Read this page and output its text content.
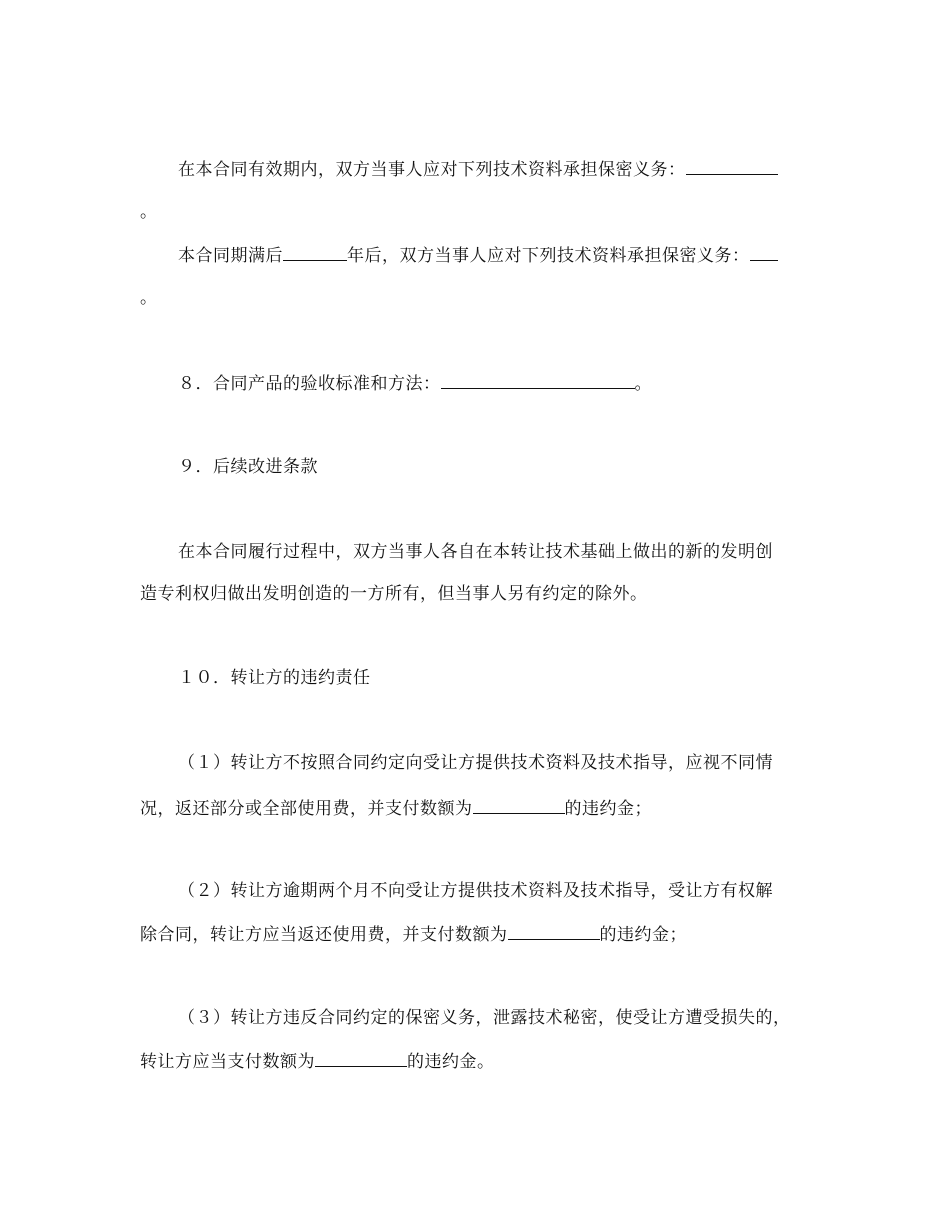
在本合同有效期内，双方当事人应对下列技术资料承担保密义务：
。
本合同期满后	年后，双方当事人应对下列技术资料承担保密义务：
。
８．合同产品的验收标准和方法：	。
９．后续改进条款
在本合同履行过程中，双方当事人各自在本转让技术基础上做出的新的发明创
造专利权归做出发明创造的一方所有，但当事人另有约定的除外。
１０．转让方的违约责任
（１）转让方不按照合同约定向受让方提供技术资料及技术指导，应视不同情
况，返还部分或全部使用费，并支付数额为	的违约金；
（２）转让方逾期两个月不向受让方提供技术资料及技术指导，受让方有权解
除合同，转让方应当返还使用费，并支付数额为	的违约金；
（３）转让方违反合同约定的保密义务，泄露技术秘密，使受让方遭受损失的，
转让方应当支付数额为	的违约金。
